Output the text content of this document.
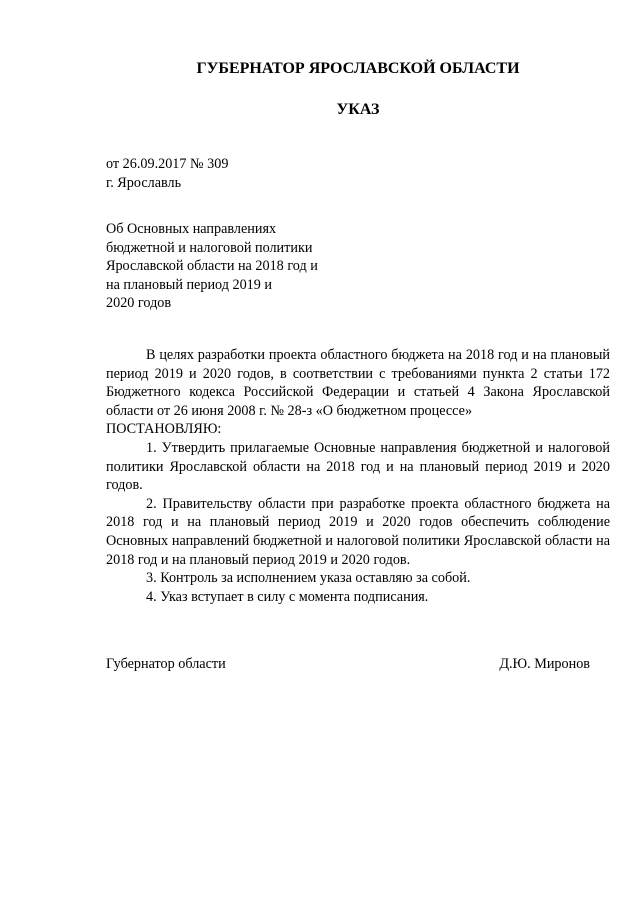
ГУБЕРНАТОР ЯРОСЛАВСКОЙ ОБЛАСТИ
УКАЗ
от 26.09.2017 № 309
г. Ярославль
Об Основных направлениях
бюджетной и налоговой политики
Ярославской области на 2018 год и
на плановый период 2019 и
2020 годов

В целях разработки проекта областного бюджета на 2018 год и на плановый период 2019 и 2020 годов, в соответствии с требованиями пункта 2 статьи 172 Бюджетного кодекса Российской Федерации и статьей 4 Закона Ярославской области от 26 июня 2008 г. № 28-з «О бюджетном процессе»

ПОСТАНОВЛЯЮ:

1. Утвердить прилагаемые Основные направления бюджетной и налоговой политики Ярославской области на 2018 год и на плановый период 2019 и 2020 годов.

2. Правительству области при разработке проекта областного бюджета на 2018 год и на плановый период 2019 и 2020 годов обеспечить соблюдение Основных направлений бюджетной и налоговой политики Ярославской области на 2018 год и на плановый период 2019 и 2020 годов.

3. Контроль за исполнением указа оставляю за собой.

4. Указ вступает в силу с момента подписания.

Губернатор области	Д.Ю. Миронов
